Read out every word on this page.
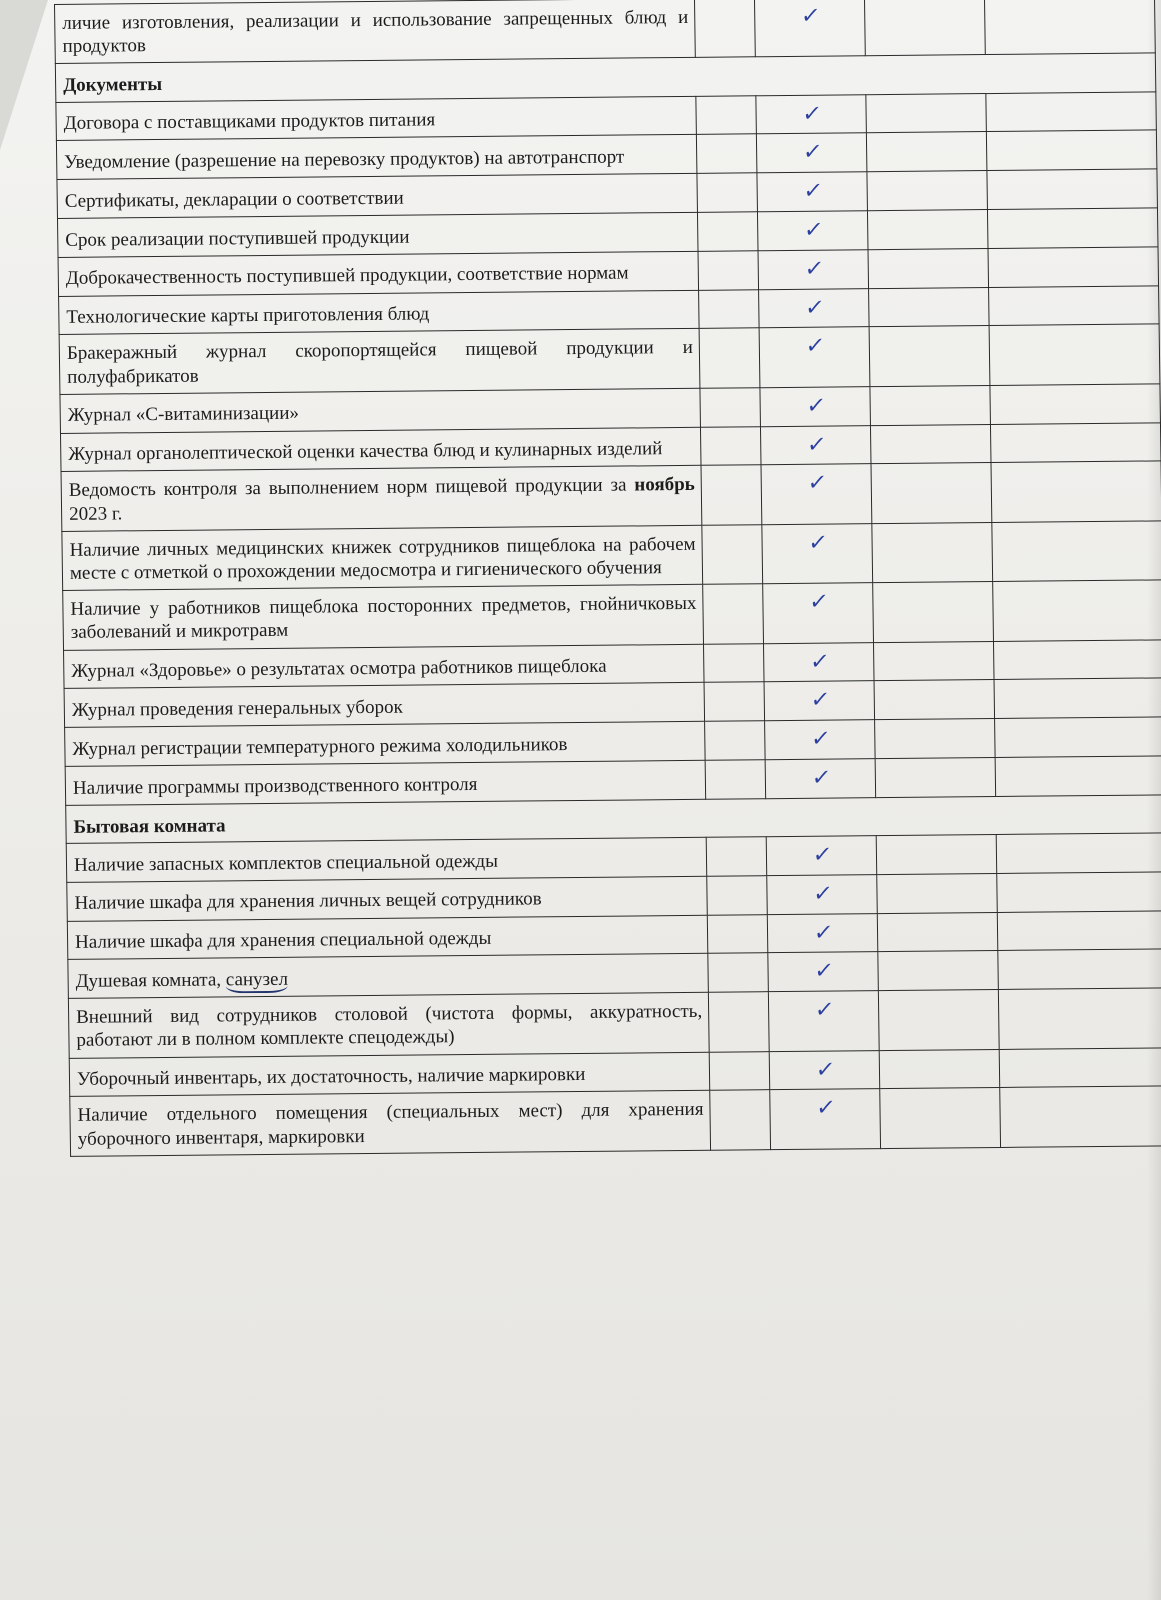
личие изготовления, реализации и использование запрещенных блюд и продуктов		✓		
Документы				
Договора с поставщиками продуктов питания		✓		
Уведомление (разрешение на перевозку продуктов) на автотранспорт		✓		
Сертификаты, декларации о соответствии		✓		
Срок реализации поступившей продукции		✓		
Доброкачественность поступившей продукции, соответствие нормам		✓		
Технологические карты приготовления блюд		✓		
Бракеражный журнал скоропортящейся пищевой продукции и полуфабрикатов		✓		
Журнал «С-витаминизации»		✓		
Журнал органолептической оценки качества блюд и кулинарных изделий		✓		
Ведомость контроля за выполнением норм пищевой продукции за ноябрь 2023 г.		✓		
Наличие личных медицинских книжек сотрудников пищеблока на рабочем месте с отметкой о прохождении медосмотра и гигиенического обучения		✓		
Наличие у работников пищеблока посторонних предметов, гнойничковых заболеваний и микротравм		✓		
Журнал «Здоровье» о результатах осмотра работников пищеблока		✓		
Журнал проведения генеральных уборок		✓		
Журнал регистрации температурного режима холодильников		✓		
Наличие программы производственного контроля		✓		
Бытовая комната				
Наличие запасных комплектов специальной одежды		✓		
Наличие шкафа для хранения личных вещей сотрудников		✓		
Наличие шкафа для хранения специальной одежды		✓		
Душевая комната, санузел		✓		
Внешний вид сотрудников столовой (чистота формы, аккуратность, работают ли в полном комплекте спецодежды)		✓		
Уборочный инвентарь, их достаточность, наличие маркировки		✓		
Наличие отдельного помещения (специальных мест) для хранения уборочного инвентаря, маркировки		✓		
